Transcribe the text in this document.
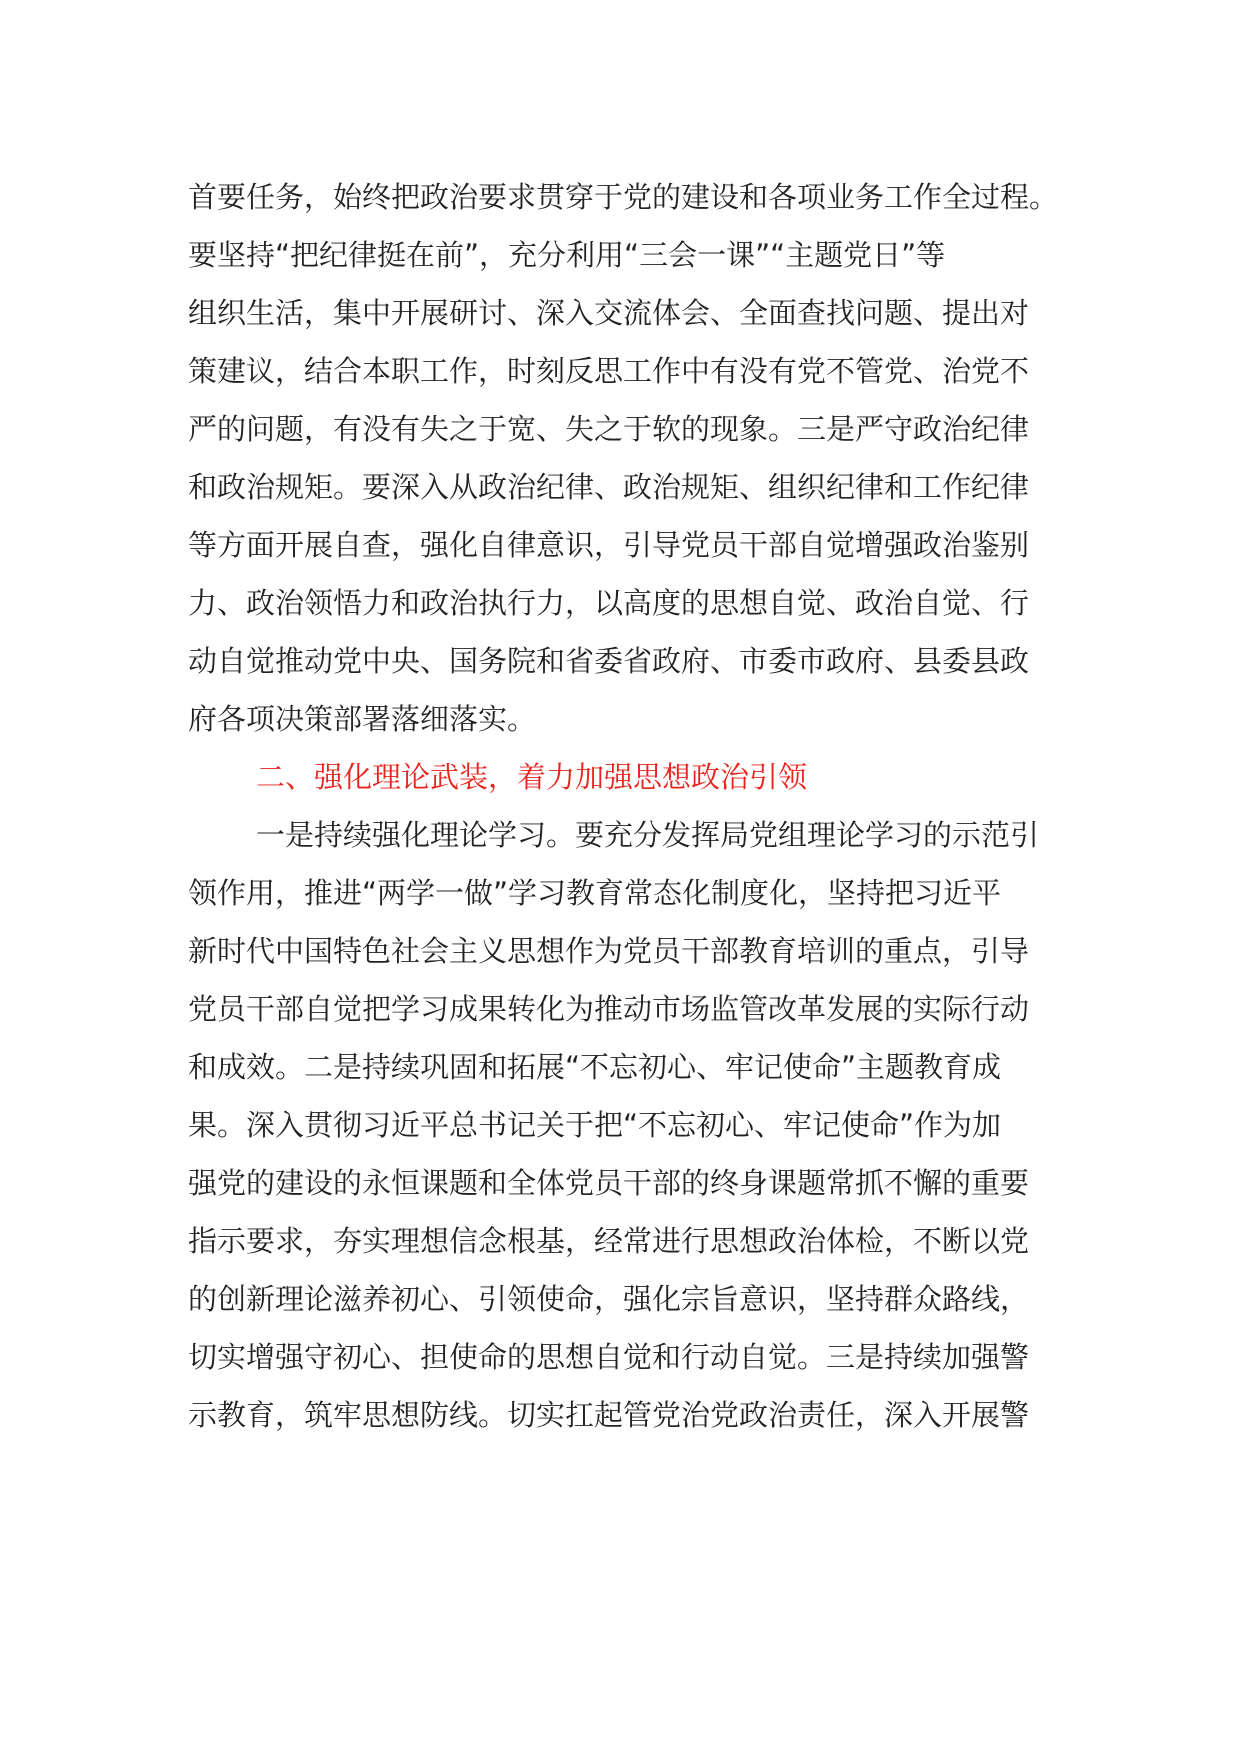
首要任务，始终把政治要求贯穿于党的建设和各项业务工作全过程。
要坚持“把纪律挺在前”，充分利用“三会一课”“主题党日”等
组织生活，集中开展研讨、深入交流体会、全面查找问题、提出对
策建议，结合本职工作，时刻反思工作中有没有党不管党、治党不
严的问题，有没有失之于宽、失之于软的现象。三是严守政治纪律
和政治规矩。要深入从政治纪律、政治规矩、组织纪律和工作纪律
等方面开展自查，强化自律意识，引导党员干部自觉增强政治鉴别
力、政治领悟力和政治执行力，以高度的思想自觉、政治自觉、行
动自觉推动党中央、国务院和省委省政府、市委市政府、县委县政
府各项决策部署落细落实。
二、强化理论武装，着力加强思想政治引领
一是持续强化理论学习。要充分发挥局党组理论学习的示范引
领作用，推进“两学一做”学习教育常态化制度化，坚持把习近平
新时代中国特色社会主义思想作为党员干部教育培训的重点，引导
党员干部自觉把学习成果转化为推动市场监管改革发展的实际行动
和成效。二是持续巩固和拓展“不忘初心、牢记使命”主题教育成
果。深入贯彻习近平总书记关于把“不忘初心、牢记使命”作为加
强党的建设的永恒课题和全体党员干部的终身课题常抓不懈的重要
指示要求，夯实理想信念根基，经常进行思想政治体检，不断以党
的创新理论滋养初心、引领使命，强化宗旨意识，坚持群众路线，
切实增强守初心、担使命的思想自觉和行动自觉。三是持续加强警
示教育，筑牢思想防线。切实扛起管党治党政治责任，深入开展警
